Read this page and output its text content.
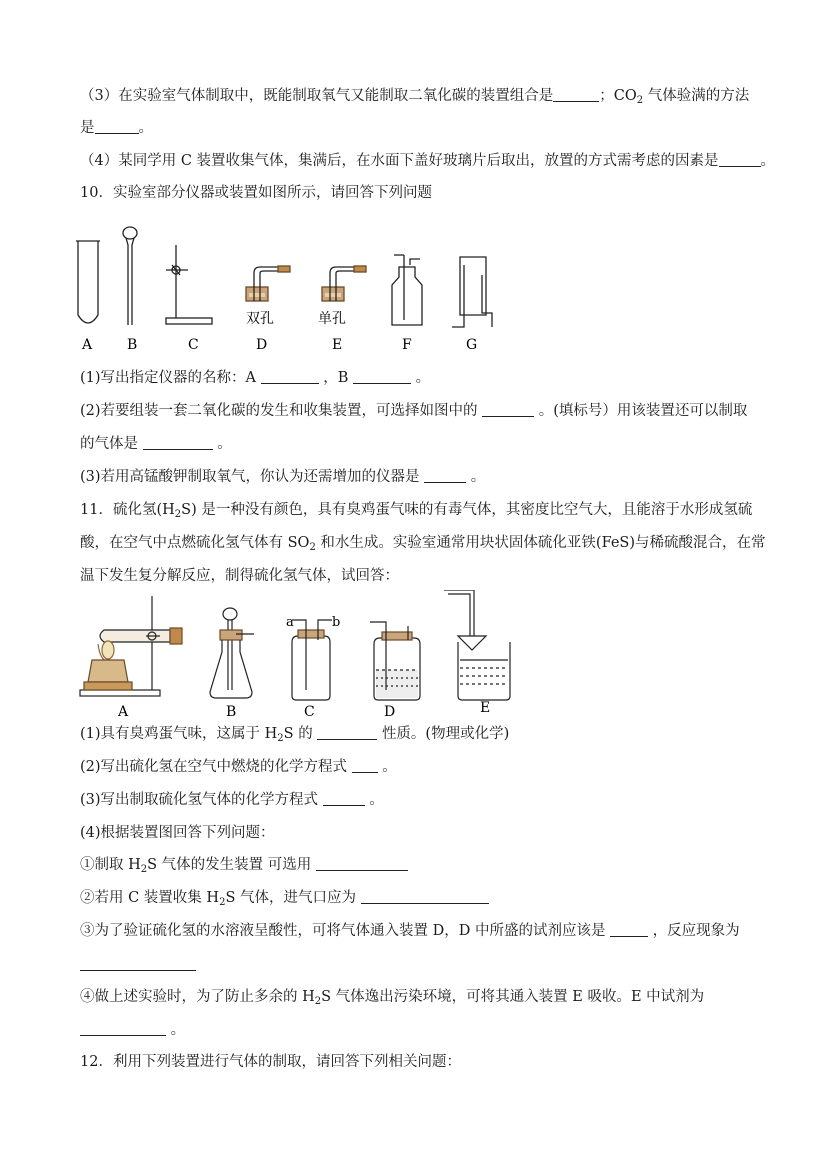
（3）在实验室气体制取中，既能制取氧气又能制取二氧化碳的装置组合是	；$CO_2$ 气体验满的方法
是	。
（4）某同学用 C 装置收集气体，集满后，在水面下盖好玻璃片后取出，放置的方式需考虑的因素是	。
10．实验室部分仪器或装置如图所示，请回答下列问题
双孔	单孔
A B	C	D	E	F	G
(1)写出指定仪器的名称：A	，B	。
(2)若要组装一套二氧化碳的发生和收集装置，可选择如图中的	。(填标号）用该装置还可以制取
的气体是	。
(3)若用高锰酸钾制取氧气，你认为还需增加的仪器是	。
11．硫化氢$(H_2S)$ 是一种没有颜色，具有臭鸡蛋气味的有毒气体，其密度比空气大，且能溶于水形成氢硫
酸，在空气中点燃硫化氢气体有 $SO_2$ 和水生成。实验室通常用块状固体硫化亚铁(FeS)与稀硫酸混合，在常
温下发生复分解反应，制得硫化氢气体，试回答：
a	b
A	B	C	D	E
(1)具有臭鸡蛋气味，这属于 $H_2S$ 的	性质。(物理或化学)
(2)写出硫化氢在空气中燃烧的化学方程式 。
(3)写出制取硫化氢气体的化学方程式	。
(4)根据装置图回答下列问题：
①制取 $H_2S$ 气体的发生装置 可选用
②若用 C 装置收集 $H_2S$ 气体，进气口应为
③为了验证硫化氢的水溶液呈酸性，可将气体通入装置 D，D 中所盛的试剂应该是	，反应现象为
④做上述实验时，为了防止多余的 $H_2S$ 气体逸出污染环境，可将其通入装置 E 吸收。E 中试剂为
。
12．利用下列装置进行气体的制取，请回答下列相关问题：
